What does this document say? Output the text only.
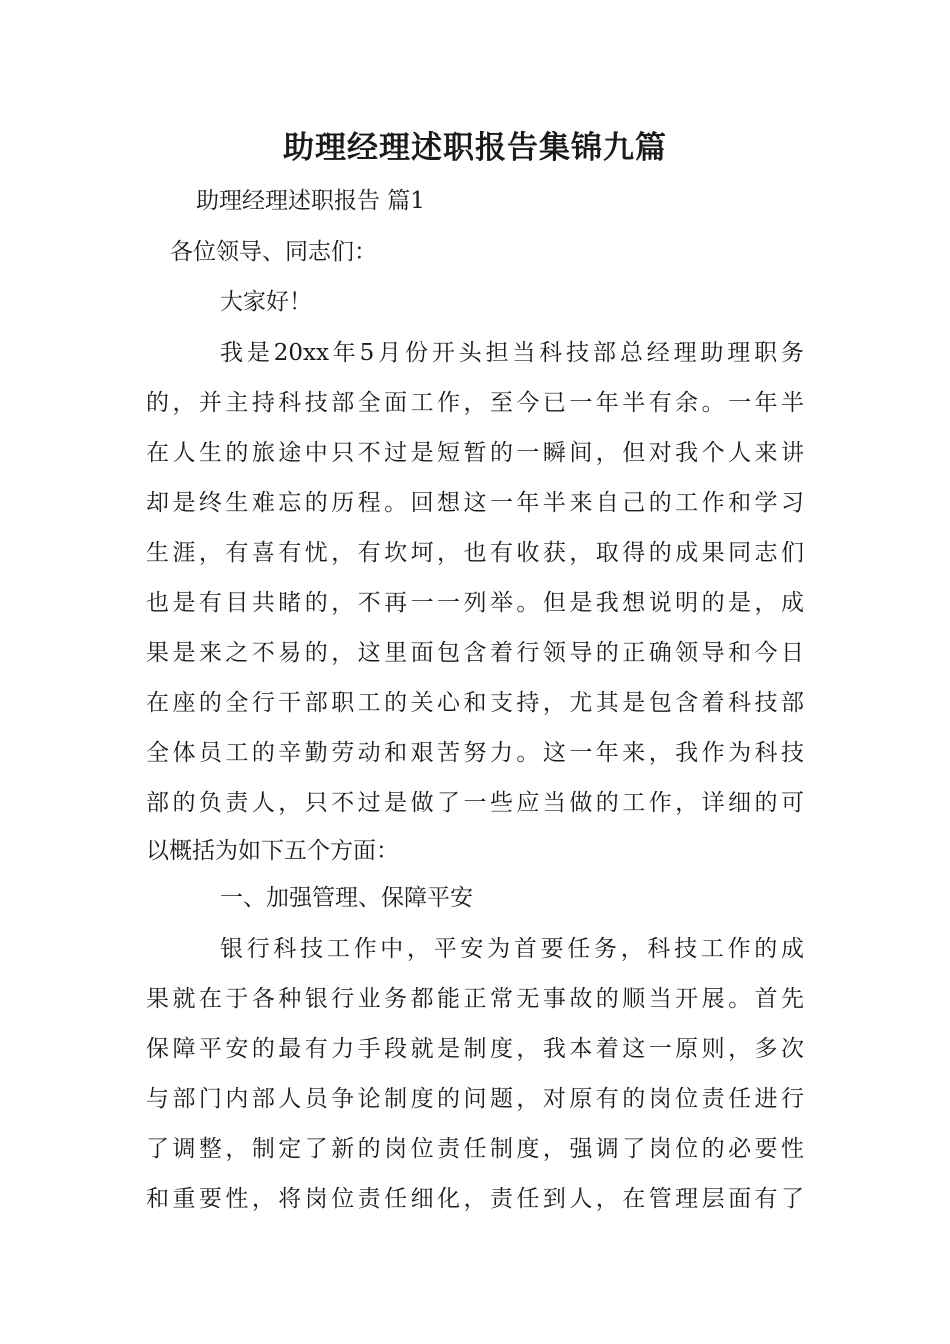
助理经理述职报告集锦九篇

助理经理述职报告 篇1

各位领导、同志们：

大家好！

我是20xx年5月份开头担当科技部总经理助理职务

的，并主持科技部全面工作，至今已一年半有余。一年半

在人生的旅途中只不过是短暂的一瞬间，但对我个人来讲

却是终生难忘的历程。回想这一年半来自己的工作和学习

生涯，有喜有忧，有坎坷，也有收获，取得的成果同志们

也是有目共睹的，不再一一列举。但是我想说明的是，成

果是来之不易的，这里面包含着行领导的正确领导和今日

在座的全行干部职工的关心和支持，尤其是包含着科技部

全体员工的辛勤劳动和艰苦努力。这一年来，我作为科技

部的负责人，只不过是做了一些应当做的工作，详细的可

以概括为如下五个方面：

一、加强管理、保障平安

银行科技工作中，平安为首要任务，科技工作的成

果就在于各种银行业务都能正常无事故的顺当开展。首先

保障平安的最有力手段就是制度，我本着这一原则，多次

与部门内部人员争论制度的问题，对原有的岗位责任进行

了调整，制定了新的岗位责任制度，强调了岗位的必要性

和重要性，将岗位责任细化，责任到人，在管理层面有了
